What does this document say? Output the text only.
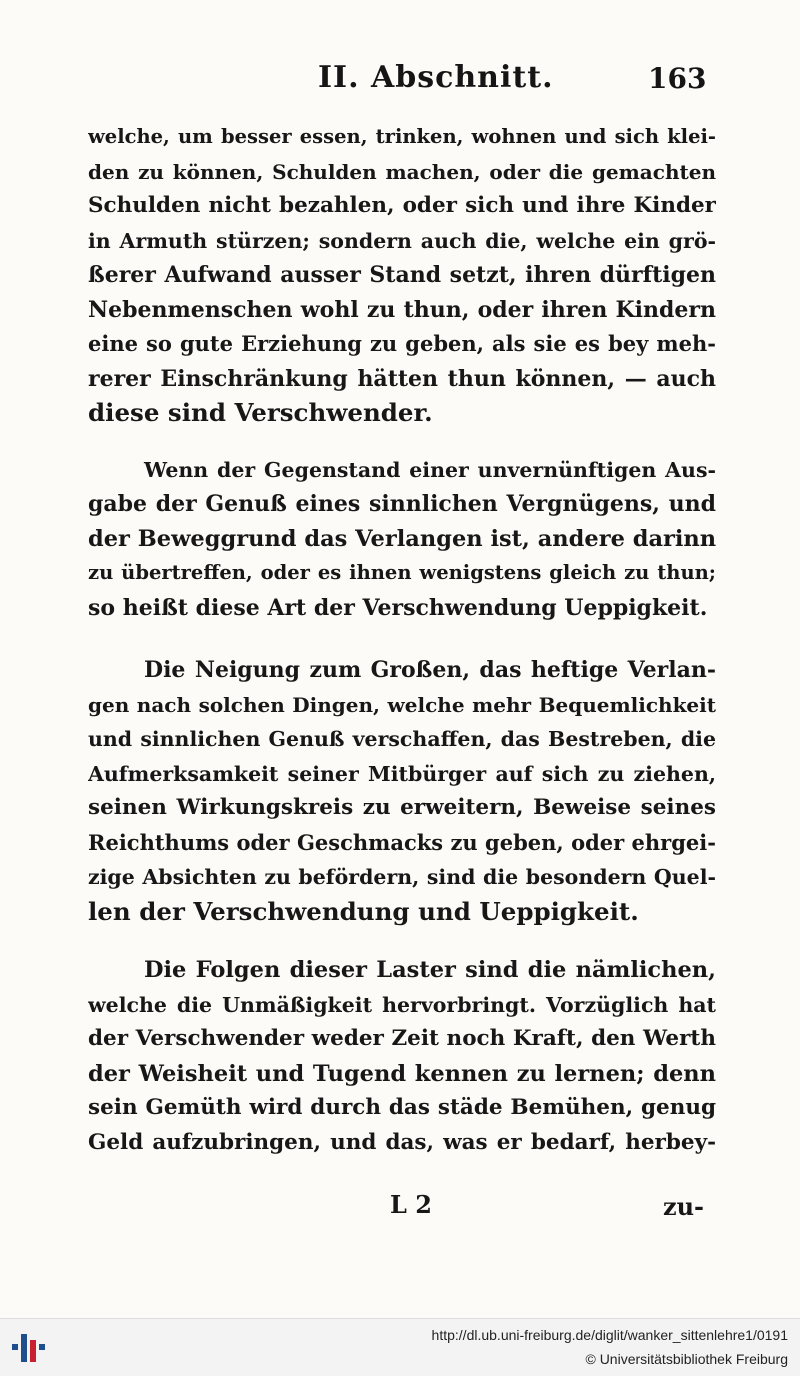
II. Abschnitt.	163

welche, um besser essen, trinken, wohnen und sich klei-
den zu können, Schulden machen, oder die gemachten
Schulden nicht bezahlen, oder sich und ihre Kinder
in Armuth stürzen; sondern auch die, welche ein grö-
ßerer Aufwand ausser Stand setzt, ihren dürftigen
Nebenmenschen wohl zu thun, oder ihren Kindern
eine so gute Erziehung zu geben, als sie es bey meh-
rerer Einschränkung hätten thun können, — auch
diese sind Verschwender.

Wenn der Gegenstand einer unvernünftigen Aus-
gabe der Genuß eines sinnlichen Vergnügens, und
der Beweggrund das Verlangen ist, andere darinn
zu übertreffen, oder es ihnen wenigstens gleich zu thun;
so heißt diese Art der Verschwendung Ueppigkeit.

Die Neigung zum Großen, das heftige Verlan-
gen nach solchen Dingen, welche mehr Bequemlichkeit
und sinnlichen Genuß verschaffen, das Bestreben, die
Aufmerksamkeit seiner Mitbürger auf sich zu ziehen,
seinen Wirkungskreis zu erweitern, Beweise seines
Reichthums oder Geschmacks zu geben, oder ehrgei-
zige Absichten zu befördern, sind die besondern Quel-
len der Verschwendung und Ueppigkeit.

Die Folgen dieser Laster sind die nämlichen,
welche die Unmäßigkeit hervorbringt. Vorzüglich hat
der Verschwender weder Zeit noch Kraft, den Werth
der Weisheit und Tugend kennen zu lernen; denn
sein Gemüth wird durch das städe Bemühen, genug
Geld aufzubringen, und das, was er bedarf, herbey-

L 2	zu-
http://dl.ub.uni-freiburg.de/diglit/wanker_sittenlehre1/0191
© Universitätsbibliothek Freiburg
